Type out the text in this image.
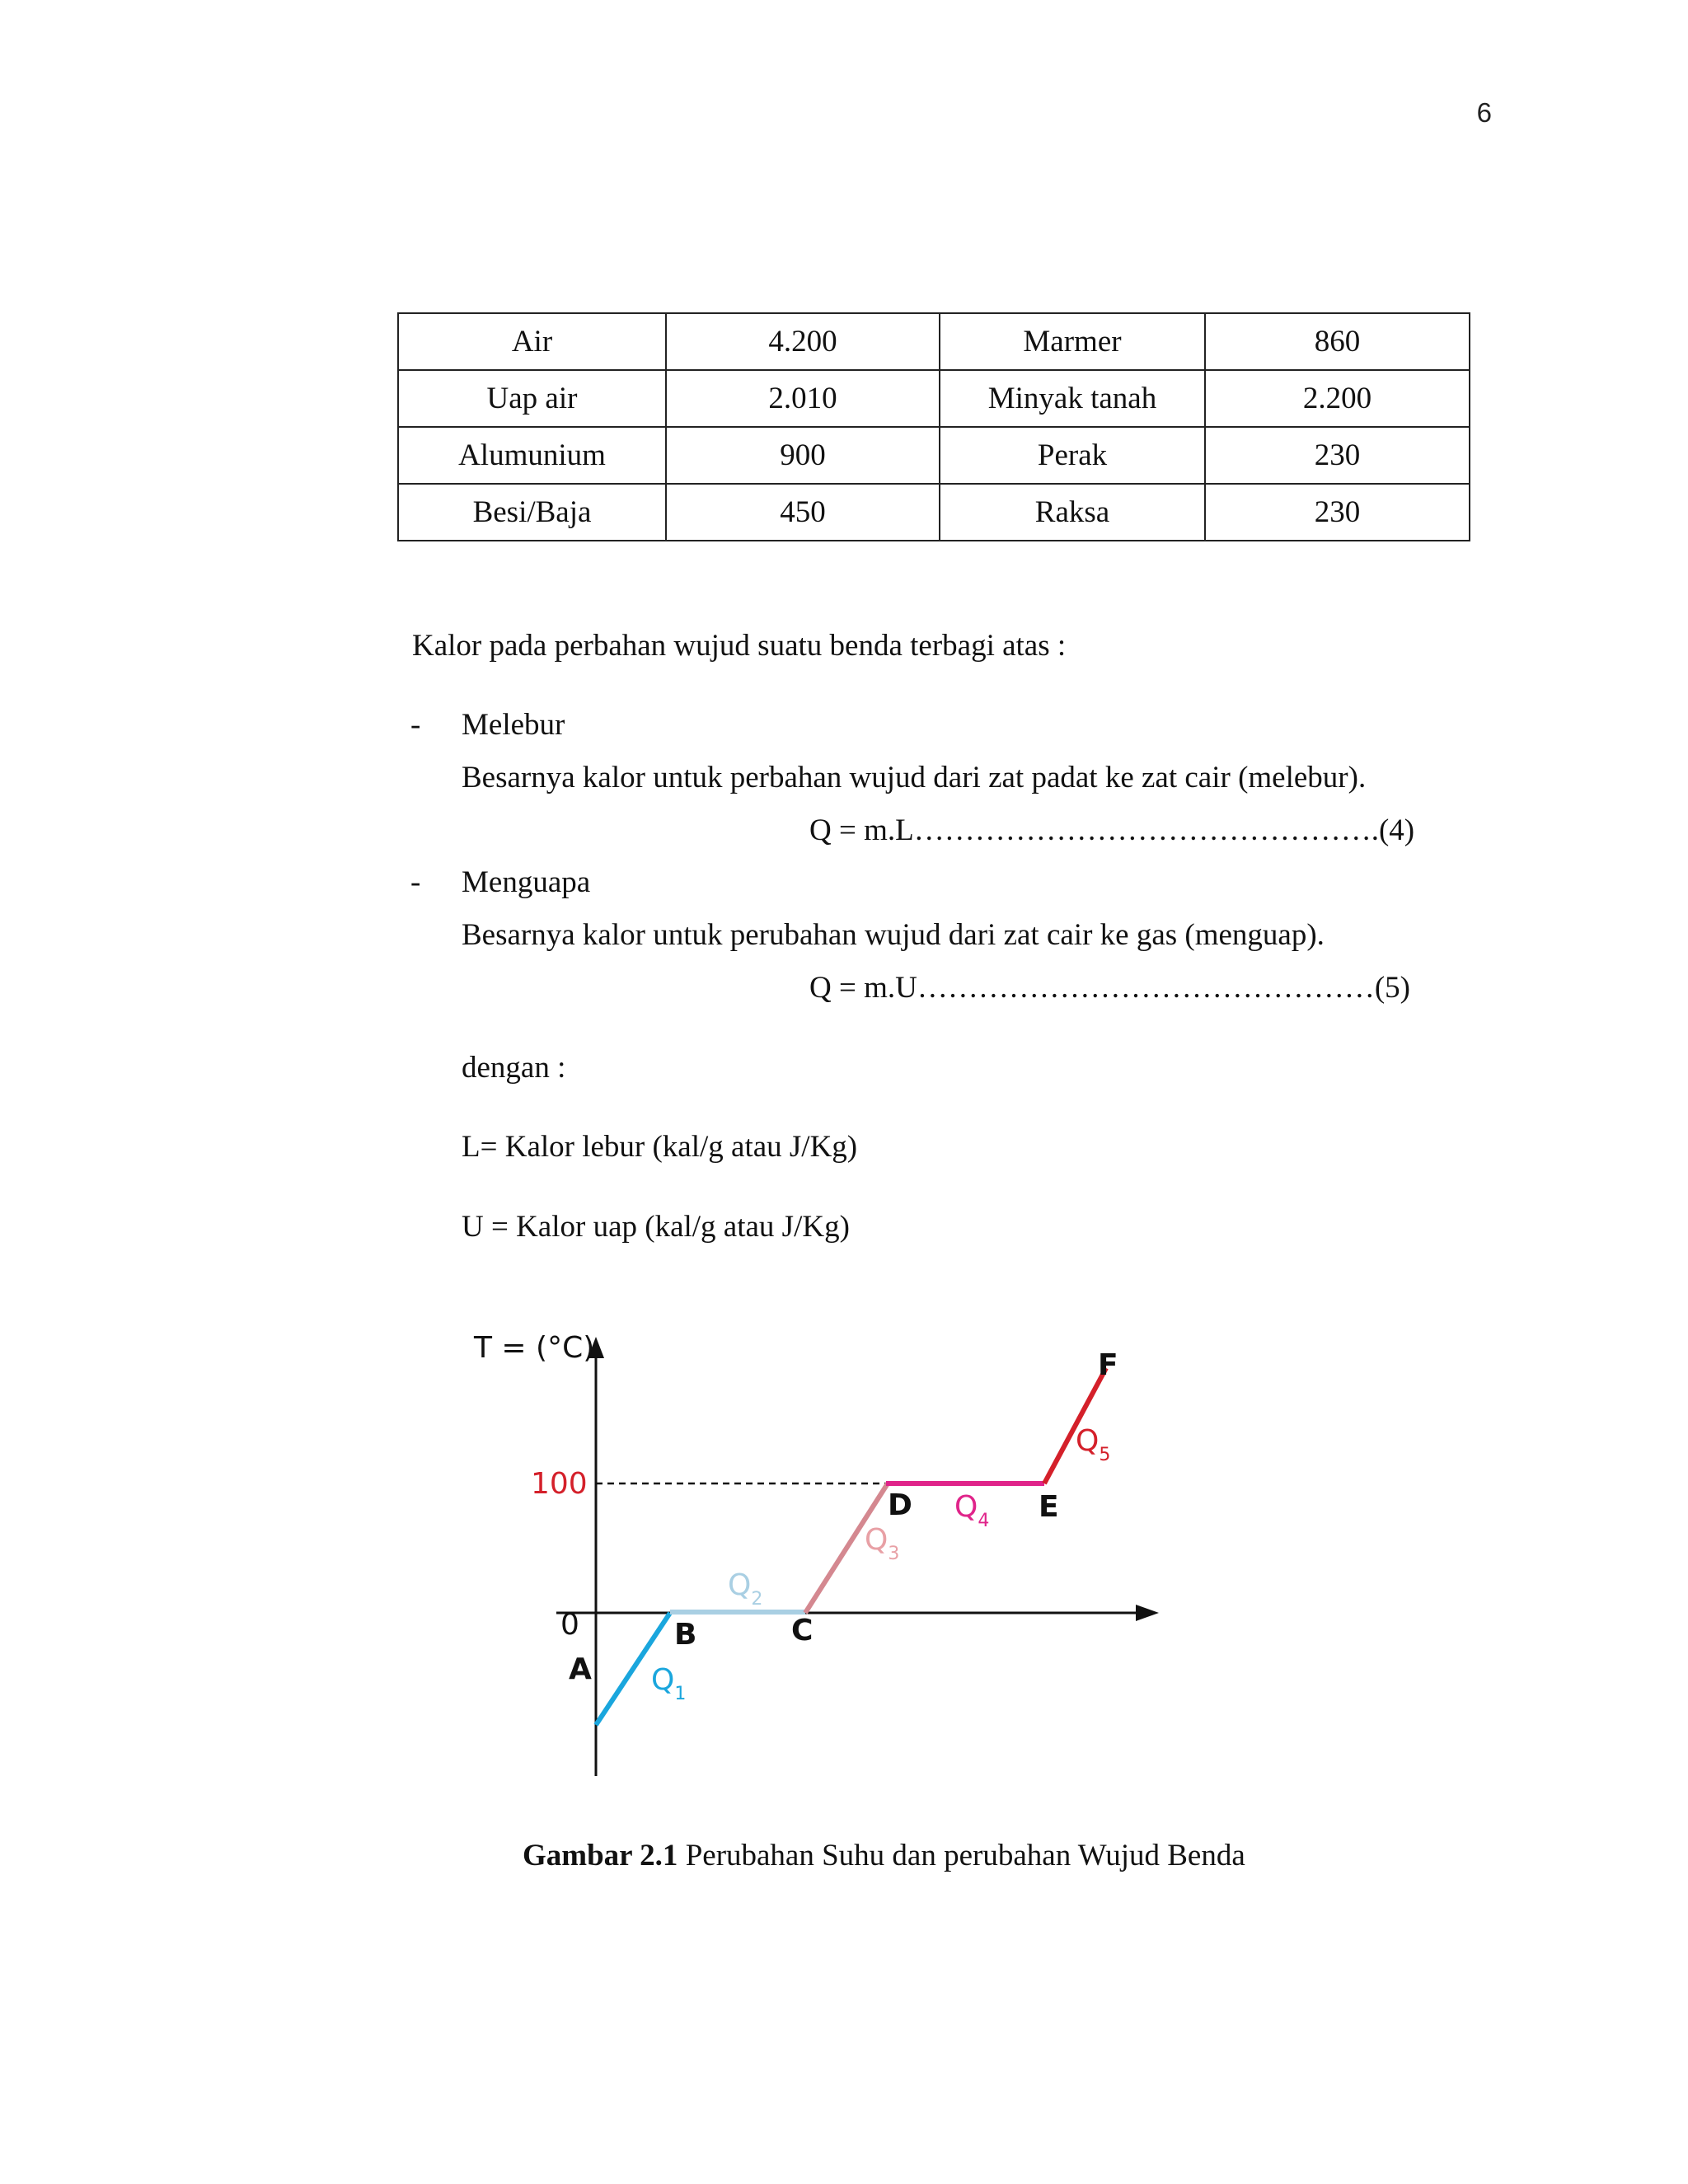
6
Air	4.200	Marmer	860
Uap air	2.010	Minyak tanah	2.200
Alumunium	900	Perak	230
Besi/Baja	450	Raksa	230
Kalor pada perbahan wujud suatu benda terbagi atas :
- Melebur
Besarnya kalor untuk perbahan wujud dari zat padat ke zat cair (melebur).
Q = m.L……………………………………….(4)
- Menguapa
Besarnya kalor untuk perubahan wujud dari zat cair ke gas (menguap).
Q = m.U………………………………………(5)
dengan :
L= Kalor lebur (kal/g atau J/Kg)
U = Kalor uap (kal/g atau J/Kg)
T = (°C)
100
0
A
B	C
D	E
F
$Q_1$
$Q_2$
$Q_3$
$Q_4$
$Q_5$
Gambar 2.1 Perubahan Suhu dan perubahan Wujud Benda
